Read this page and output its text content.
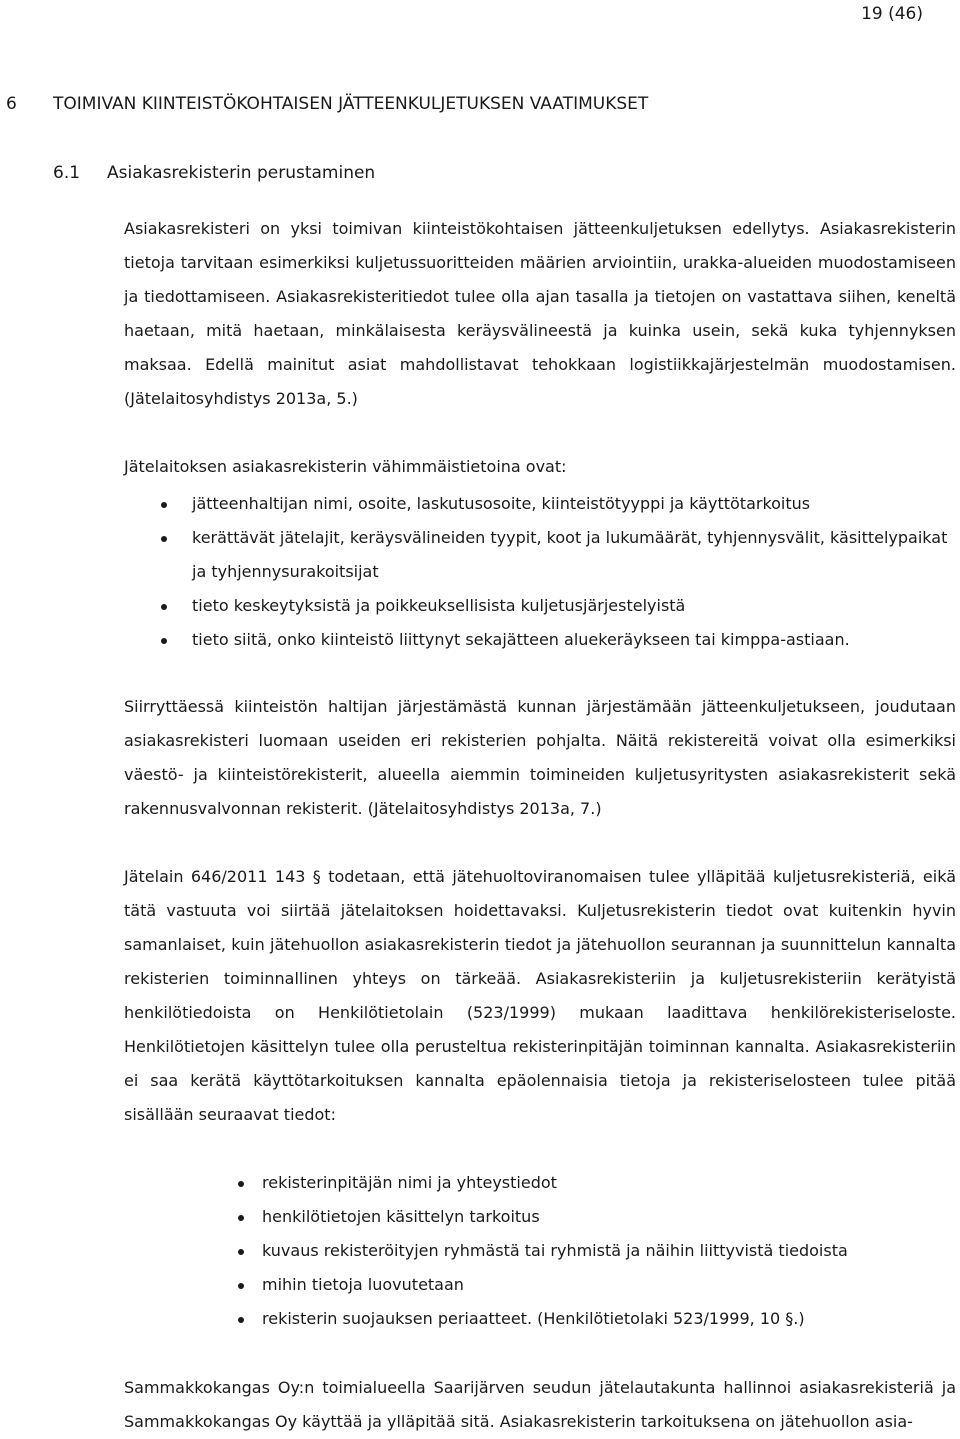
19 (46)
6 TOIMIVAN KIINTEISTÖKOHTAISEN JÄTTEENKULJETUKSEN VAATIMUKSET
6.1 Asiakasrekisterin perustaminen

Asiakasrekisteri on yksi toimivan kiinteistökohtaisen jätteenkuljetuksen edellytys. Asiakasrekisterin tietoja tarvitaan esimerkiksi kuljetussuoritteiden määrien arviointiin, urakka-alueiden muodostamiseen ja tiedottamiseen. Asiakasrekisteritiedot tulee olla ajan tasalla ja tietojen on vastattava siihen, keneltä haetaan, mitä haetaan, minkälaisesta keräysvälineestä ja kuinka usein, sekä kuka tyhjennyksen maksaa. Edellä mainitut asiat mahdollistavat tehokkaan logistiikkajärjestelmän muodostamisen. (Jätelaitosyhdistys 2013a, 5.)

Jätelaitoksen asiakasrekisterin vähimmäistietoina ovat:

jätteenhaltijan nimi, osoite, laskutusosoite, kiinteistötyyppi ja käyttötarkoitus
kerättävät jätelajit, keräysvälineiden tyypit, koot ja lukumäärät, tyhjennysvälit, käsittelypaikat ja tyhjennysurakoitsijat
tieto keskeytyksistä ja poikkeuksellisista kuljetusjärjestelyistä
tieto siitä, onko kiinteistö liittynyt sekajätteen aluekeräykseen tai kimppa-astiaan.

Siirryttäessä kiinteistön haltijan järjestämästä kunnan järjestämään jätteenkuljetukseen, joudutaan asiakasrekisteri luomaan useiden eri rekisterien pohjalta. Näitä rekistereitä voivat olla esimerkiksi väestö- ja kiinteistörekisterit, alueella aiemmin toimineiden kuljetusyritysten asiakasrekisterit sekä rakennusvalvonnan rekisterit. (Jätelaitosyhdistys 2013a, 7.)

Jätelain 646/2011 143 § todetaan, että jätehuoltoviranomaisen tulee ylläpitää kuljetusrekisteriä, eikä tätä vastuuta voi siirtää jätelaitoksen hoidettavaksi. Kuljetusrekisterin tiedot ovat kuitenkin hyvin samanlaiset, kuin jätehuollon asiakasrekisterin tiedot ja jätehuollon seurannan ja suunnittelun kannalta rekisterien toiminnallinen yhteys on tärkeää. Asiakasrekisteriin ja kuljetusrekisteriin kerätyistä henkilötiedoista on Henkilötietolain (523/1999) mukaan laadittava henkilörekisteriseloste. Henkilötietojen käsittelyn tulee olla perusteltua rekisterinpitäjän toiminnan kannalta. Asiakasrekisteriin ei saa kerätä käyttötarkoituksen kannalta epäolennaisia tietoja ja rekisteriselosteen tulee pitää sisällään seuraavat tiedot:

rekisterinpitäjän nimi ja yhteystiedot
henkilötietojen käsittelyn tarkoitus
kuvaus rekisteröityjen ryhmästä tai ryhmistä ja näihin liittyvistä tiedoista
mihin tietoja luovutetaan
rekisterin suojauksen periaatteet. (Henkilötietolaki 523/1999, 10 §.)

Sammakkokangas Oy:n toimialueella Saarijärven seudun jätelautakunta hallinnoi asiakasrekisteriä ja Sammakkokangas Oy käyttää ja ylläpitää sitä. Asiakasrekisterin tarkoituksena on jätehuollon asia-
